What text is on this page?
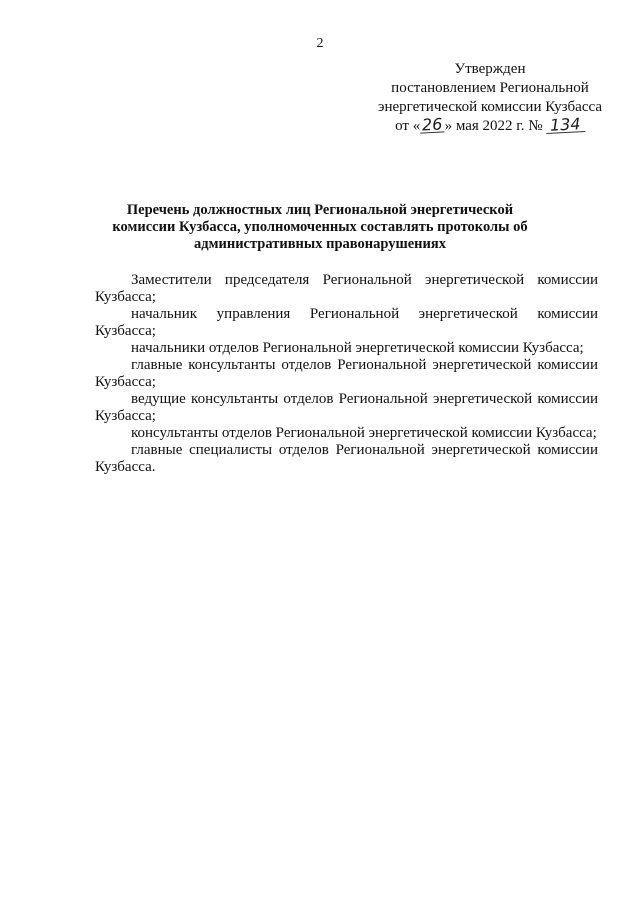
2
Утвержден
постановлением Региональной
энергетической комиссии Кузбасса
от «26 » мая 2022 г. № 134
Перечень должностных лиц Региональной энергетической
комиссии Кузбасса, уполномоченных составлять протоколы об
административных правонарушениях

Заместители председателя Региональной энергетической комиссии Кузбасса;

начальник управления Региональной энергетической комиссии Кузбасса;

начальники отделов Региональной энергетической комиссии Кузбасса;

главные консультанты отделов Региональной энергетической комиссии Кузбасса;

ведущие консультанты отделов Региональной энергетической комиссии Кузбасса;

консультанты отделов Региональной энергетической комиссии Кузбасса;

главные специалисты отделов Региональной энергетической комиссии Кузбасса.
